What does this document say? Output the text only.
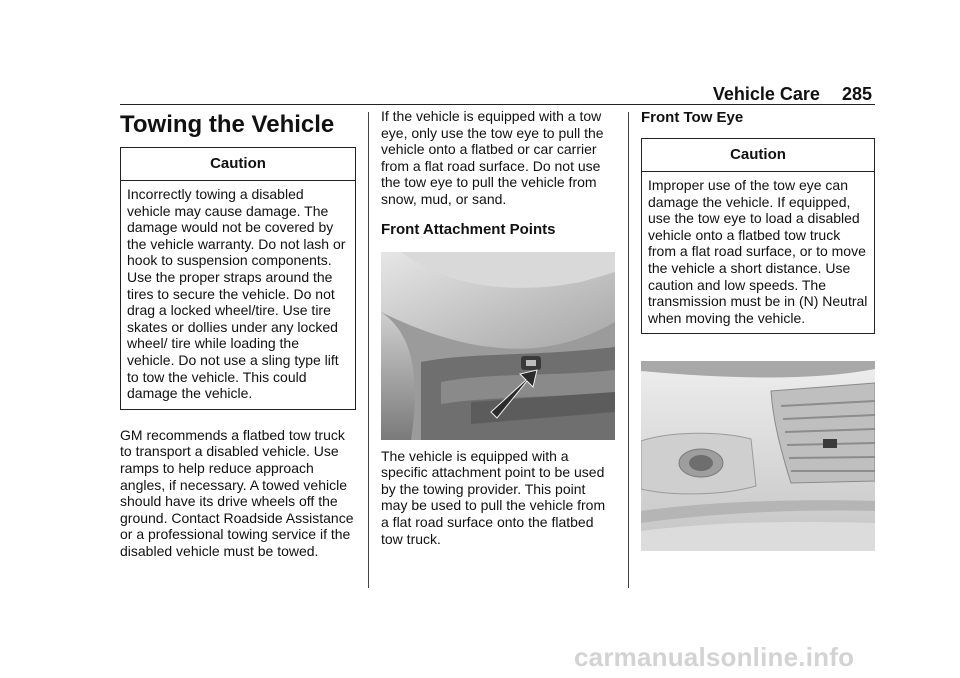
Vehicle Care 285
Towing the Vehicle
Caution

Incorrectly towing a disabled vehicle may cause damage. The damage would not be covered by the vehicle warranty. Do not lash or hook to suspension components. Use the proper straps around the tires to secure the vehicle. Do not drag a locked wheel/tire. Use tire skates or dollies under any locked wheel/ tire while loading the vehicle. Do not use a sling type lift to tow the vehicle. This could damage the vehicle.

GM recommends a flatbed tow truck to transport a disabled vehicle. Use ramps to help reduce approach angles, if necessary. A towed vehicle should have its drive wheels off the ground. Contact Roadside Assistance or a professional towing service if the disabled vehicle must be towed.

If the vehicle is equipped with a tow eye, only use the tow eye to pull the vehicle onto a flatbed or car carrier from a flat road surface. Do not use the tow eye to pull the vehicle from snow, mud, or sand.

Front Attachment Points

The vehicle is equipped with a specific attachment point to be used by the towing provider. This point may be used to pull the vehicle from a flat road surface onto the flatbed tow truck.

Front Tow Eye
Caution

Improper use of the tow eye can damage the vehicle. If equipped, use the tow eye to load a disabled vehicle onto a flatbed tow truck from a flat road surface, or to move the vehicle a short distance. Use caution and low speeds. The transmission must be in (N) Neutral when moving the vehicle.

carmanualsonline.info
